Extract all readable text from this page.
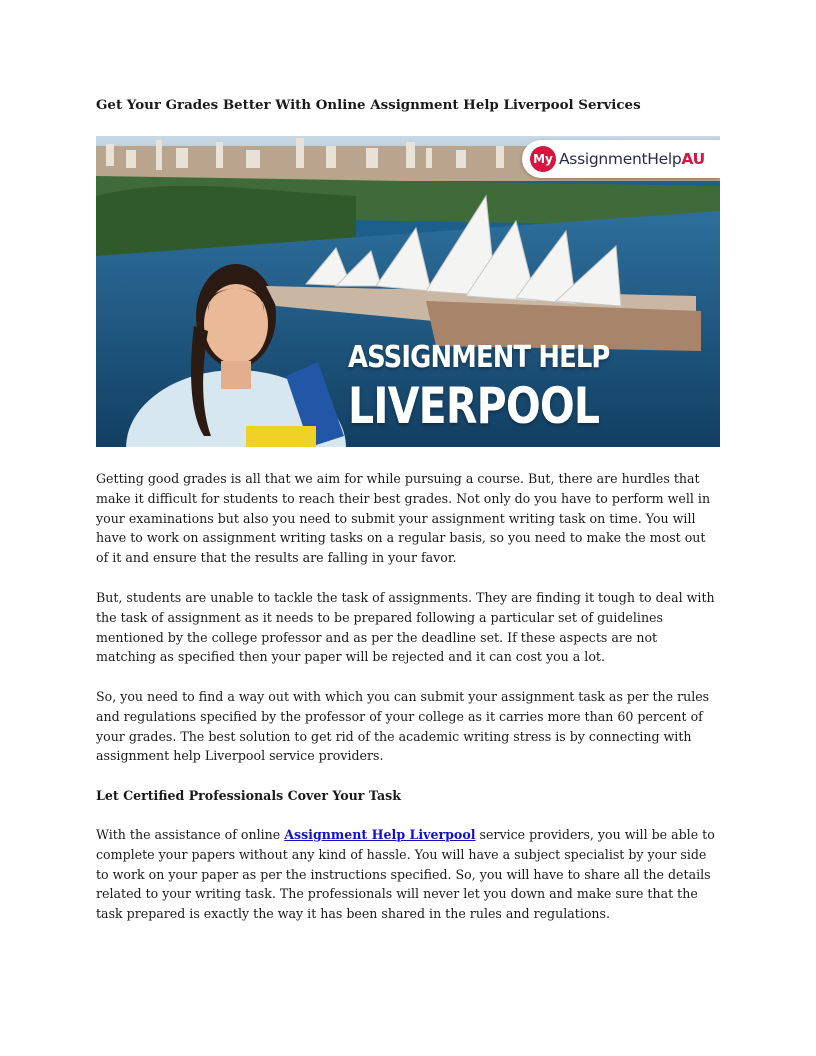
Get Your Grades Better With Online Assignment Help Liverpool Services
My AssignmentHelpAU
ASSIGNMENT HELP
LIVERPOOL

Getting good grades is all that we aim for while pursuing a course. But, there are hurdles that make it difficult for students to reach their best grades. Not only do you have to perform well in your examinations but also you need to submit your assignment writing task on time. You will have to work on assignment writing tasks on a regular basis, so you need to make the most out of it and ensure that the results are falling in your favor.

But, students are unable to tackle the task of assignments. They are finding it tough to deal with the task of assignment as it needs to be prepared following a particular set of guidelines mentioned by the college professor and as per the deadline set. If these aspects are not matching as specified then your paper will be rejected and it can cost you a lot.

So, you need to find a way out with which you can submit your assignment task as per the rules and regulations specified by the professor of your college as it carries more than 60 percent of your grades. The best solution to get rid of the academic writing stress is by connecting with assignment help Liverpool service providers.

Let Certified Professionals Cover Your Task

With the assistance of online Assignment Help Liverpool service providers, you will be able to complete your papers without any kind of hassle. You will have a subject specialist by your side to work on your paper as per the instructions specified. So, you will have to share all the details related to your writing task. The professionals will never let you down and make sure that the task prepared is exactly the way it has been shared in the rules and regulations.
